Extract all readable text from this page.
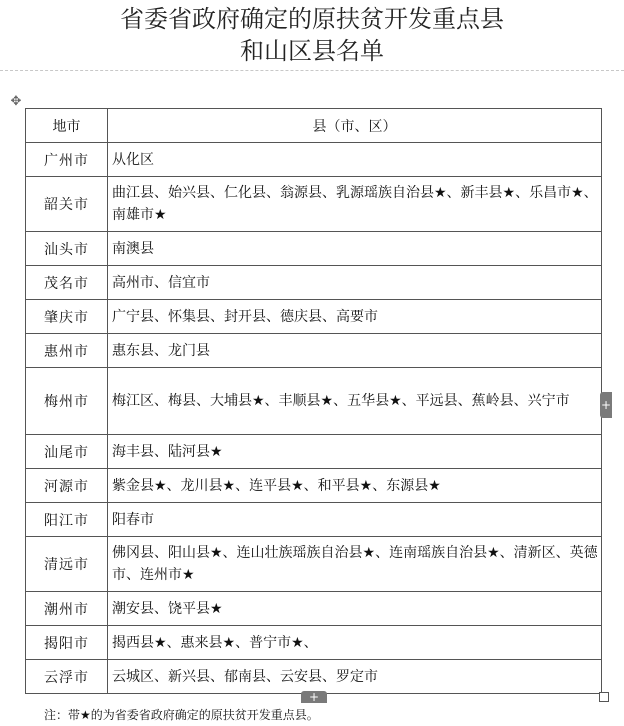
省委省政府确定的原扶贫开发重点县
和山区县名单
✥
地市	县（市、区）
广州市	从化区
韶关市	曲江县、始兴县、仁化县、翁源县、乳源瑶族自治县★、新丰县★、乐昌市★、南雄市★
汕头市	南澳县
茂名市	高州市、信宜市
肇庆市	广宁县、怀集县、封开县、德庆县、高要市
惠州市	惠东县、龙门县
梅州市	梅江区、梅县、大埔县★、丰顺县★、五华县★、平远县、蕉岭县、兴宁市
汕尾市	海丰县、陆河县★
河源市	紫金县★、龙川县★、连平县★、和平县★、东源县★
阳江市	阳春市
清远市	佛冈县、阳山县★、连山壮族瑶族自治县★、连南瑶族自治县★、清新区、英德市、连州市★
潮州市	潮安县、饶平县★
揭阳市	揭西县★、惠来县★、普宁市★、
云浮市	云城区、新兴县、郁南县、云安县、罗定市
+
+
注：带★的为省委省政府确定的原扶贫开发重点县。
